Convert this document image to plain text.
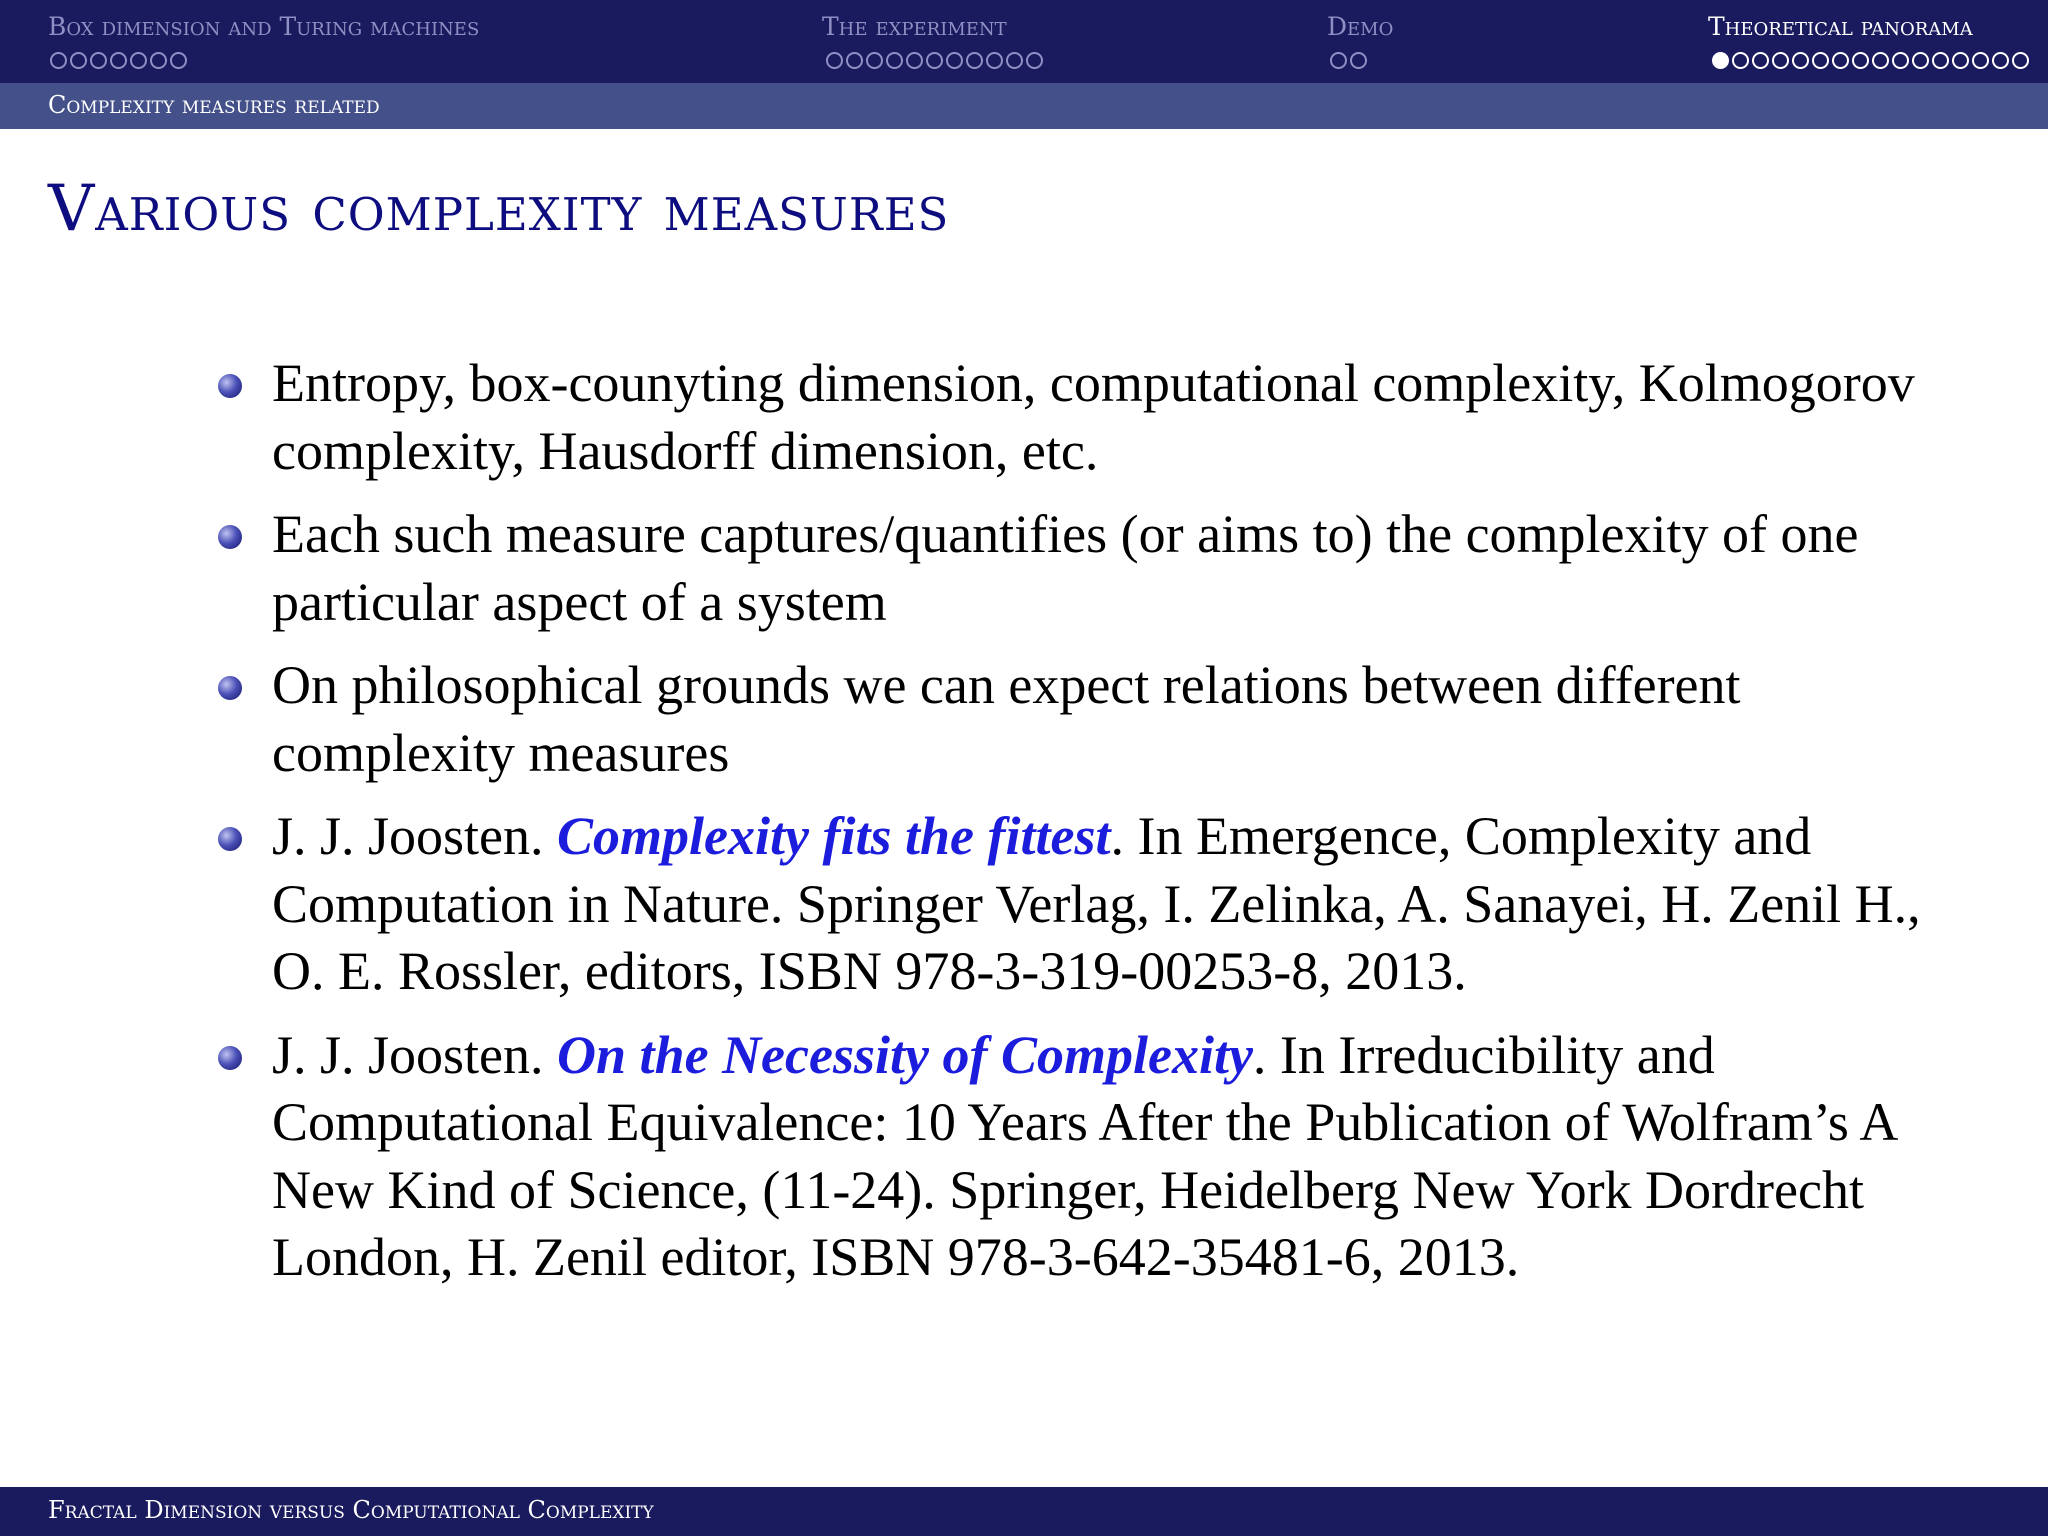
Box dimension and Turing machines	The experiment	Demo	Theoretical panorama
Complexity measures related
Various complexity measures
Entropy, box-counyting dimension, computational complexity, Kolmogorov complexity, Hausdorff dimension, etc.
Each such measure captures/quantifies (or aims to) the complexity of one particular aspect of a system
On philosophical grounds we can expect relations between different complexity measures
J. J. Joosten. Complexity fits the fittest. In Emergence, Complexity and Computation in Nature. Springer Verlag, I. Zelinka, A. Sanayei, H. Zenil H., O. E. Rossler, editors, ISBN 978-3-319-00253-8, 2013.
J. J. Joosten. On the Necessity of Complexity. In Irreducibility and Computational Equivalence: 10 Years After the Publication of Wolfram’s A New Kind of Science, (11-24). Springer, Heidelberg New York Dordrecht London, H. Zenil editor, ISBN 978-3-642-35481-6, 2013.
Fractal Dimension versus Computational Complexity
